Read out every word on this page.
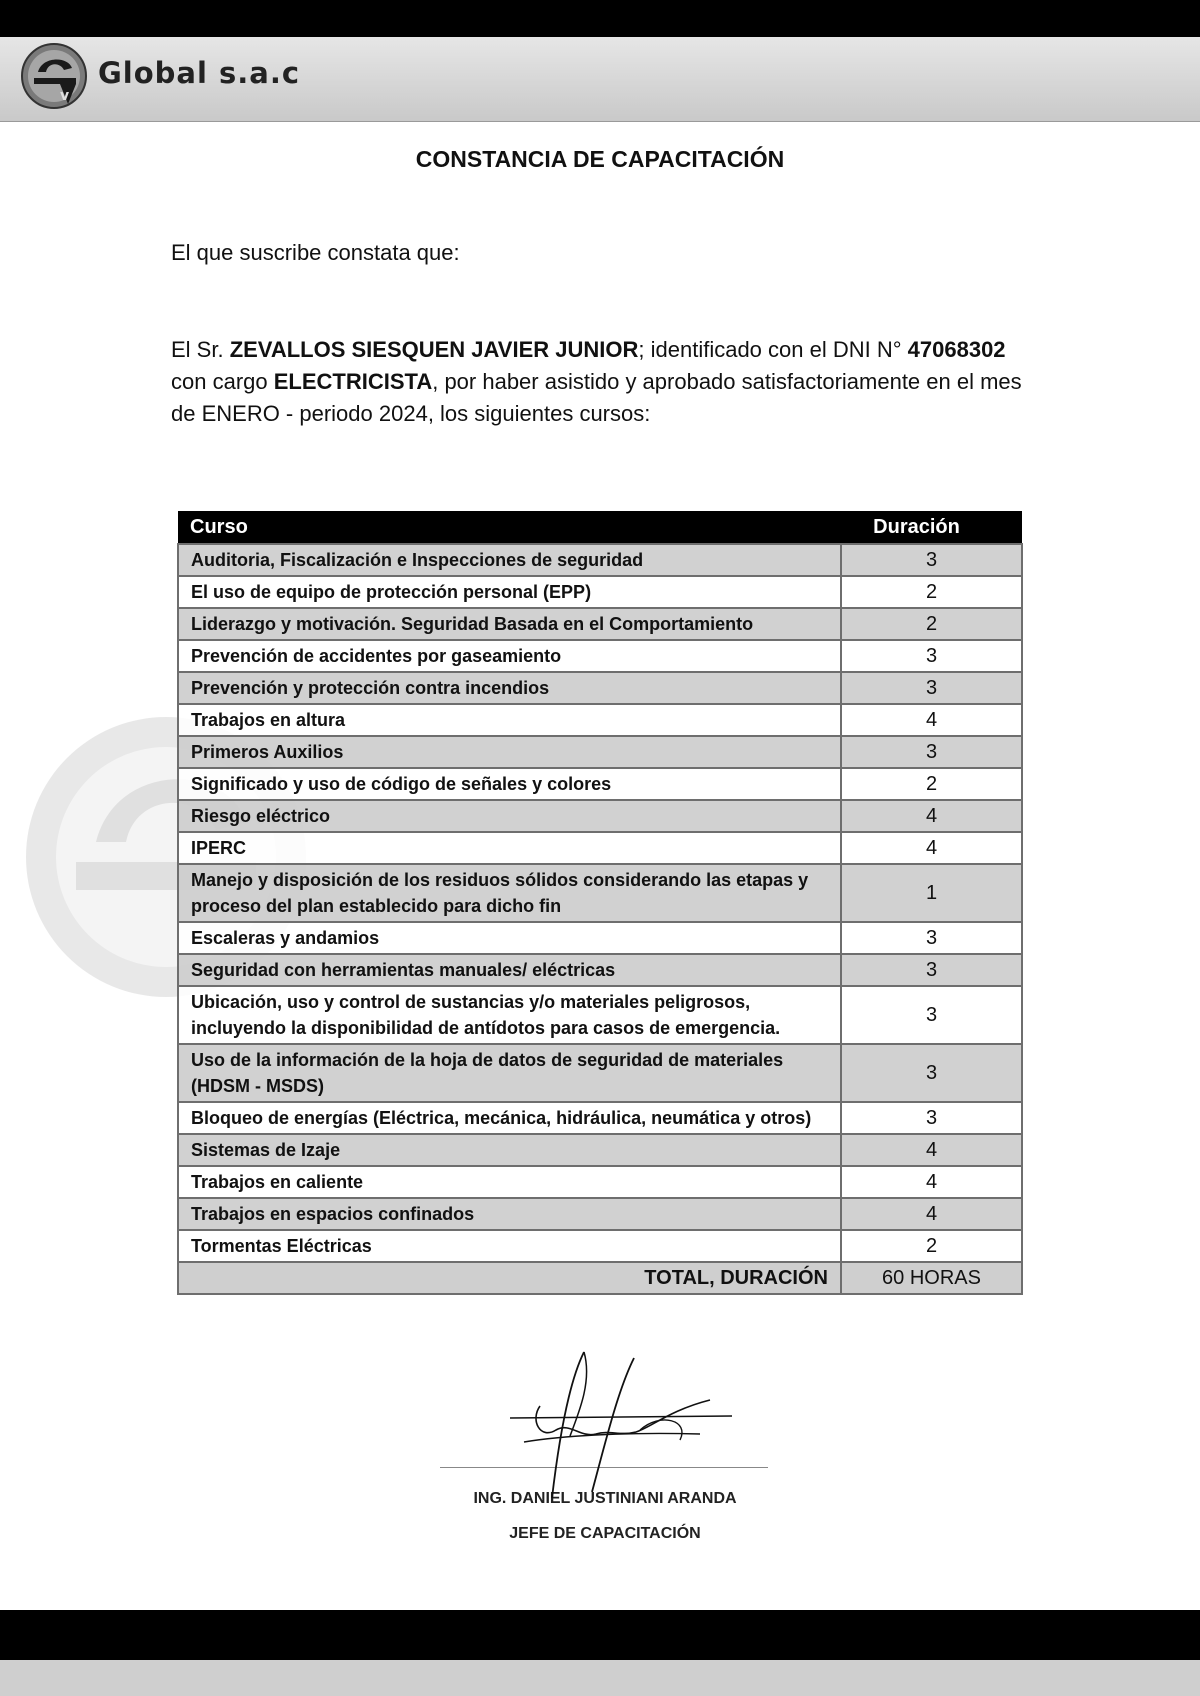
v
Global s.a.c
CONSTANCIA DE CAPACITACIÓN
El que suscribe constata que:
El Sr. ZEVALLOS SIESQUEN JAVIER JUNIOR; identificado con el DNI N° 47068302 con cargo ELECTRICISTA, por haber asistido y aprobado satisfactoriamente en el mes de ENERO - periodo 2024, los siguientes cursos:
Curso	Duración
Auditoria, Fiscalización e Inspecciones de seguridad	3
El uso de equipo de protección personal (EPP)	2
Liderazgo y motivación. Seguridad Basada en el Comportamiento	2
Prevención de accidentes por gaseamiento	3
Prevención y protección contra incendios	3
Trabajos en altura	4
Primeros Auxilios	3
Significado y uso de código de señales y colores	2
Riesgo eléctrico	4
IPERC	4
Manejo y disposición de los residuos sólidos considerando las etapas y proceso del plan establecido para dicho fin	1
Escaleras y andamios	3
Seguridad con herramientas manuales/ eléctricas	3
Ubicación, uso y control de sustancias y/o materiales peligrosos, incluyendo la disponibilidad de antídotos para casos de emergencia.	3
Uso de la información de la hoja de datos de seguridad de materiales (HDSM - MSDS)	3
Bloqueo de energías (Eléctrica, mecánica, hidráulica, neumática y otros)	3
Sistemas de Izaje	4
Trabajos en caliente	4
Trabajos en espacios confinados	4
Tormentas Eléctricas	2
TOTAL, DURACIÓN	60 HORAS
ING. DANIEL JUSTINIANI ARANDA
JEFE DE CAPACITACIÓN
